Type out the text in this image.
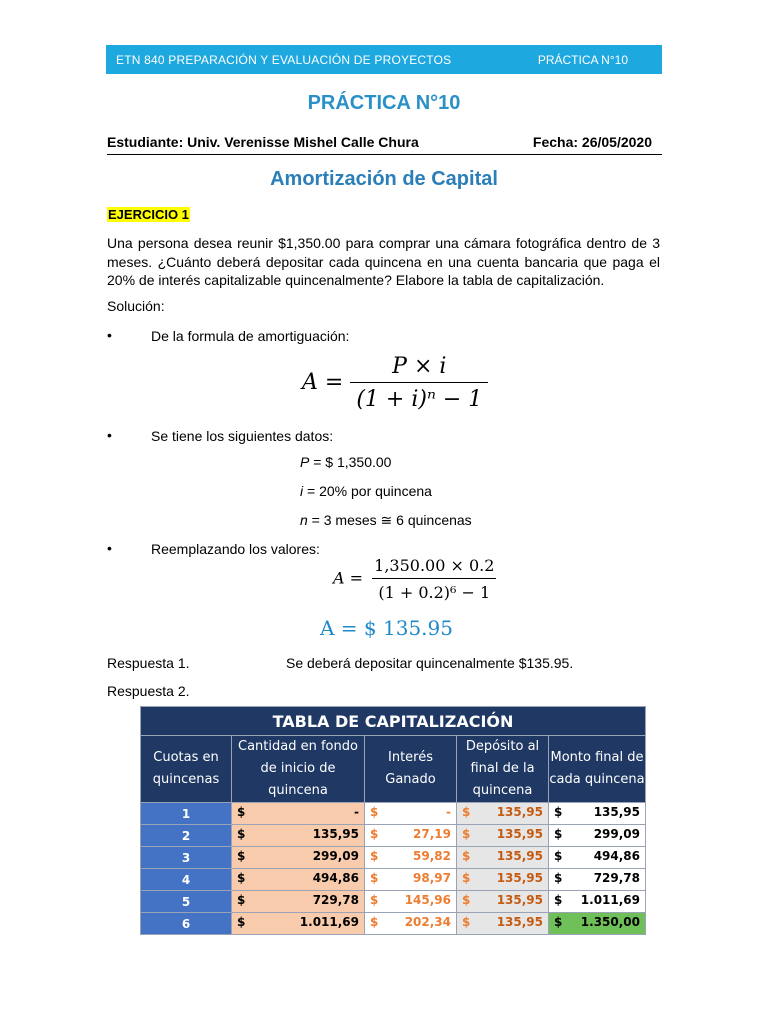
ETN 840 PREPARACIÓN Y EVALUACIÓN DE PROYECTOS	PRÁCTICA N°10
PRÁCTICA N°10
Estudiante: Univ. Verenisse Mishel Calle Chura	Fecha: 26/05/2020
Amortización de Capital
EJERCICIO 1
Una persona desea reunir $1,350.00 para comprar una cámara fotográfica dentro de 3 meses. ¿Cuánto deberá depositar cada quincena en una cuenta bancaria que paga el 20% de interés capitalizable quincenalmente? Elabore la tabla de capitalización.
Solución:
•	De la formula de amortiguación:
$A = \frac{P \times i}{\text{(1 + i)ⁿ − 1}}$
•	Se tiene los siguientes datos:
P = $ 1,350.00
i = 20% por quincena
n = 3 meses ≅ 6 quincenas
•	Reemplazando los valores:
$A = \frac{1,350.00 \times 0.2}{\text{(1 + 0.2)⁶ − 1}}$
A = $ 135.95
Respuesta 1.	Se deberá depositar quincenalmente $135.95.
Respuesta 2.
TABLA DE CAPITALIZACIÓN				
Cuotas en quincenas	Cantidad en fondo de inicio de quincena	Interés Ganado	Depósito al final de la quincena	Monto final de cada quincena
1	$ -	$ -	$ 135,95	$ 135,95

2	$ 135,95	$ 27,19	$ 135,95	$ 299,09

3	$ 299,09	$ 59,82	$ 135,95	$ 494,86

4	$ 494,86	$ 98,97	$ 135,95	$ 729,78

5	$ 729,78	$ 145,96	$ 135,95	$ 1.011,69

6	$ 1.011,69	$ 202,34	$ 135,95	$ 1.350,00
